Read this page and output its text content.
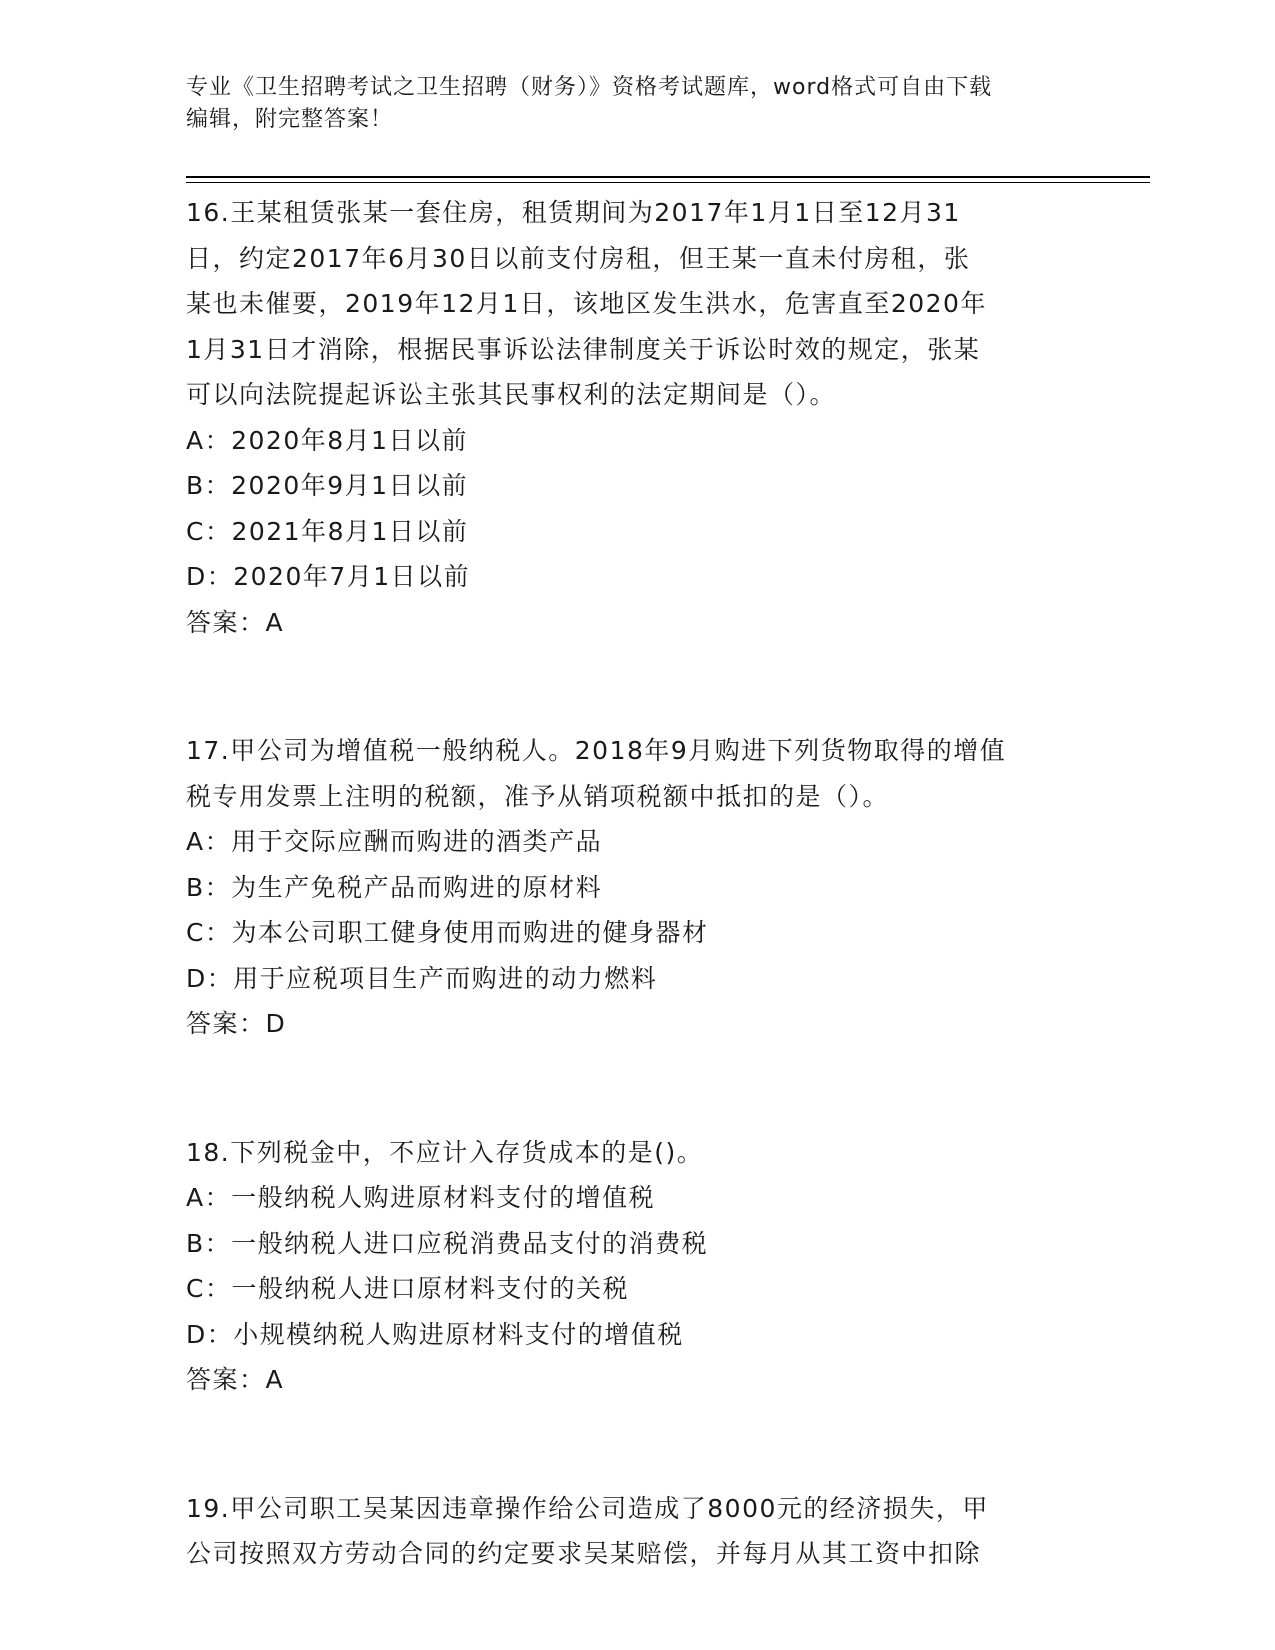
专业《卫生招聘考试之卫生招聘（财务）》资格考试题库，word格式可自由下载

编辑，附完整答案！

16.王某租赁张某一套住房，租赁期间为2017年1月1日至12月31

日，约定2017年6月30日以前支付房租，但王某一直未付房租，张

某也未催要，2019年12月1日，该地区发生洪水，危害直至2020年

1月31日才消除，根据民事诉讼法律制度关于诉讼时效的规定，张某

可以向法院提起诉讼主张其民事权利的法定期间是（）。

A：2020年8月1日以前

B：2020年9月1日以前

C：2021年8月1日以前

D：2020年7月1日以前

答案：A

17.甲公司为增值税一般纳税人。2018年9月购进下列货物取得的增值

税专用发票上注明的税额，准予从销项税额中抵扣的是（）。

A：用于交际应酬而购进的酒类产品

B：为生产免税产品而购进的原材料

C：为本公司职工健身使用而购进的健身器材

D：用于应税项目生产而购进的动力燃料

答案：D

18.下列税金中，不应计入存货成本的是()。

A：一般纳税人购进原材料支付的增值税

B：一般纳税人进口应税消费品支付的消费税

C：一般纳税人进口原材料支付的关税

D：小规模纳税人购进原材料支付的增值税

答案：A

19.甲公司职工吴某因违章操作给公司造成了8000元的经济损失，甲

公司按照双方劳动合同的约定要求吴某赔偿，并每月从其工资中扣除
